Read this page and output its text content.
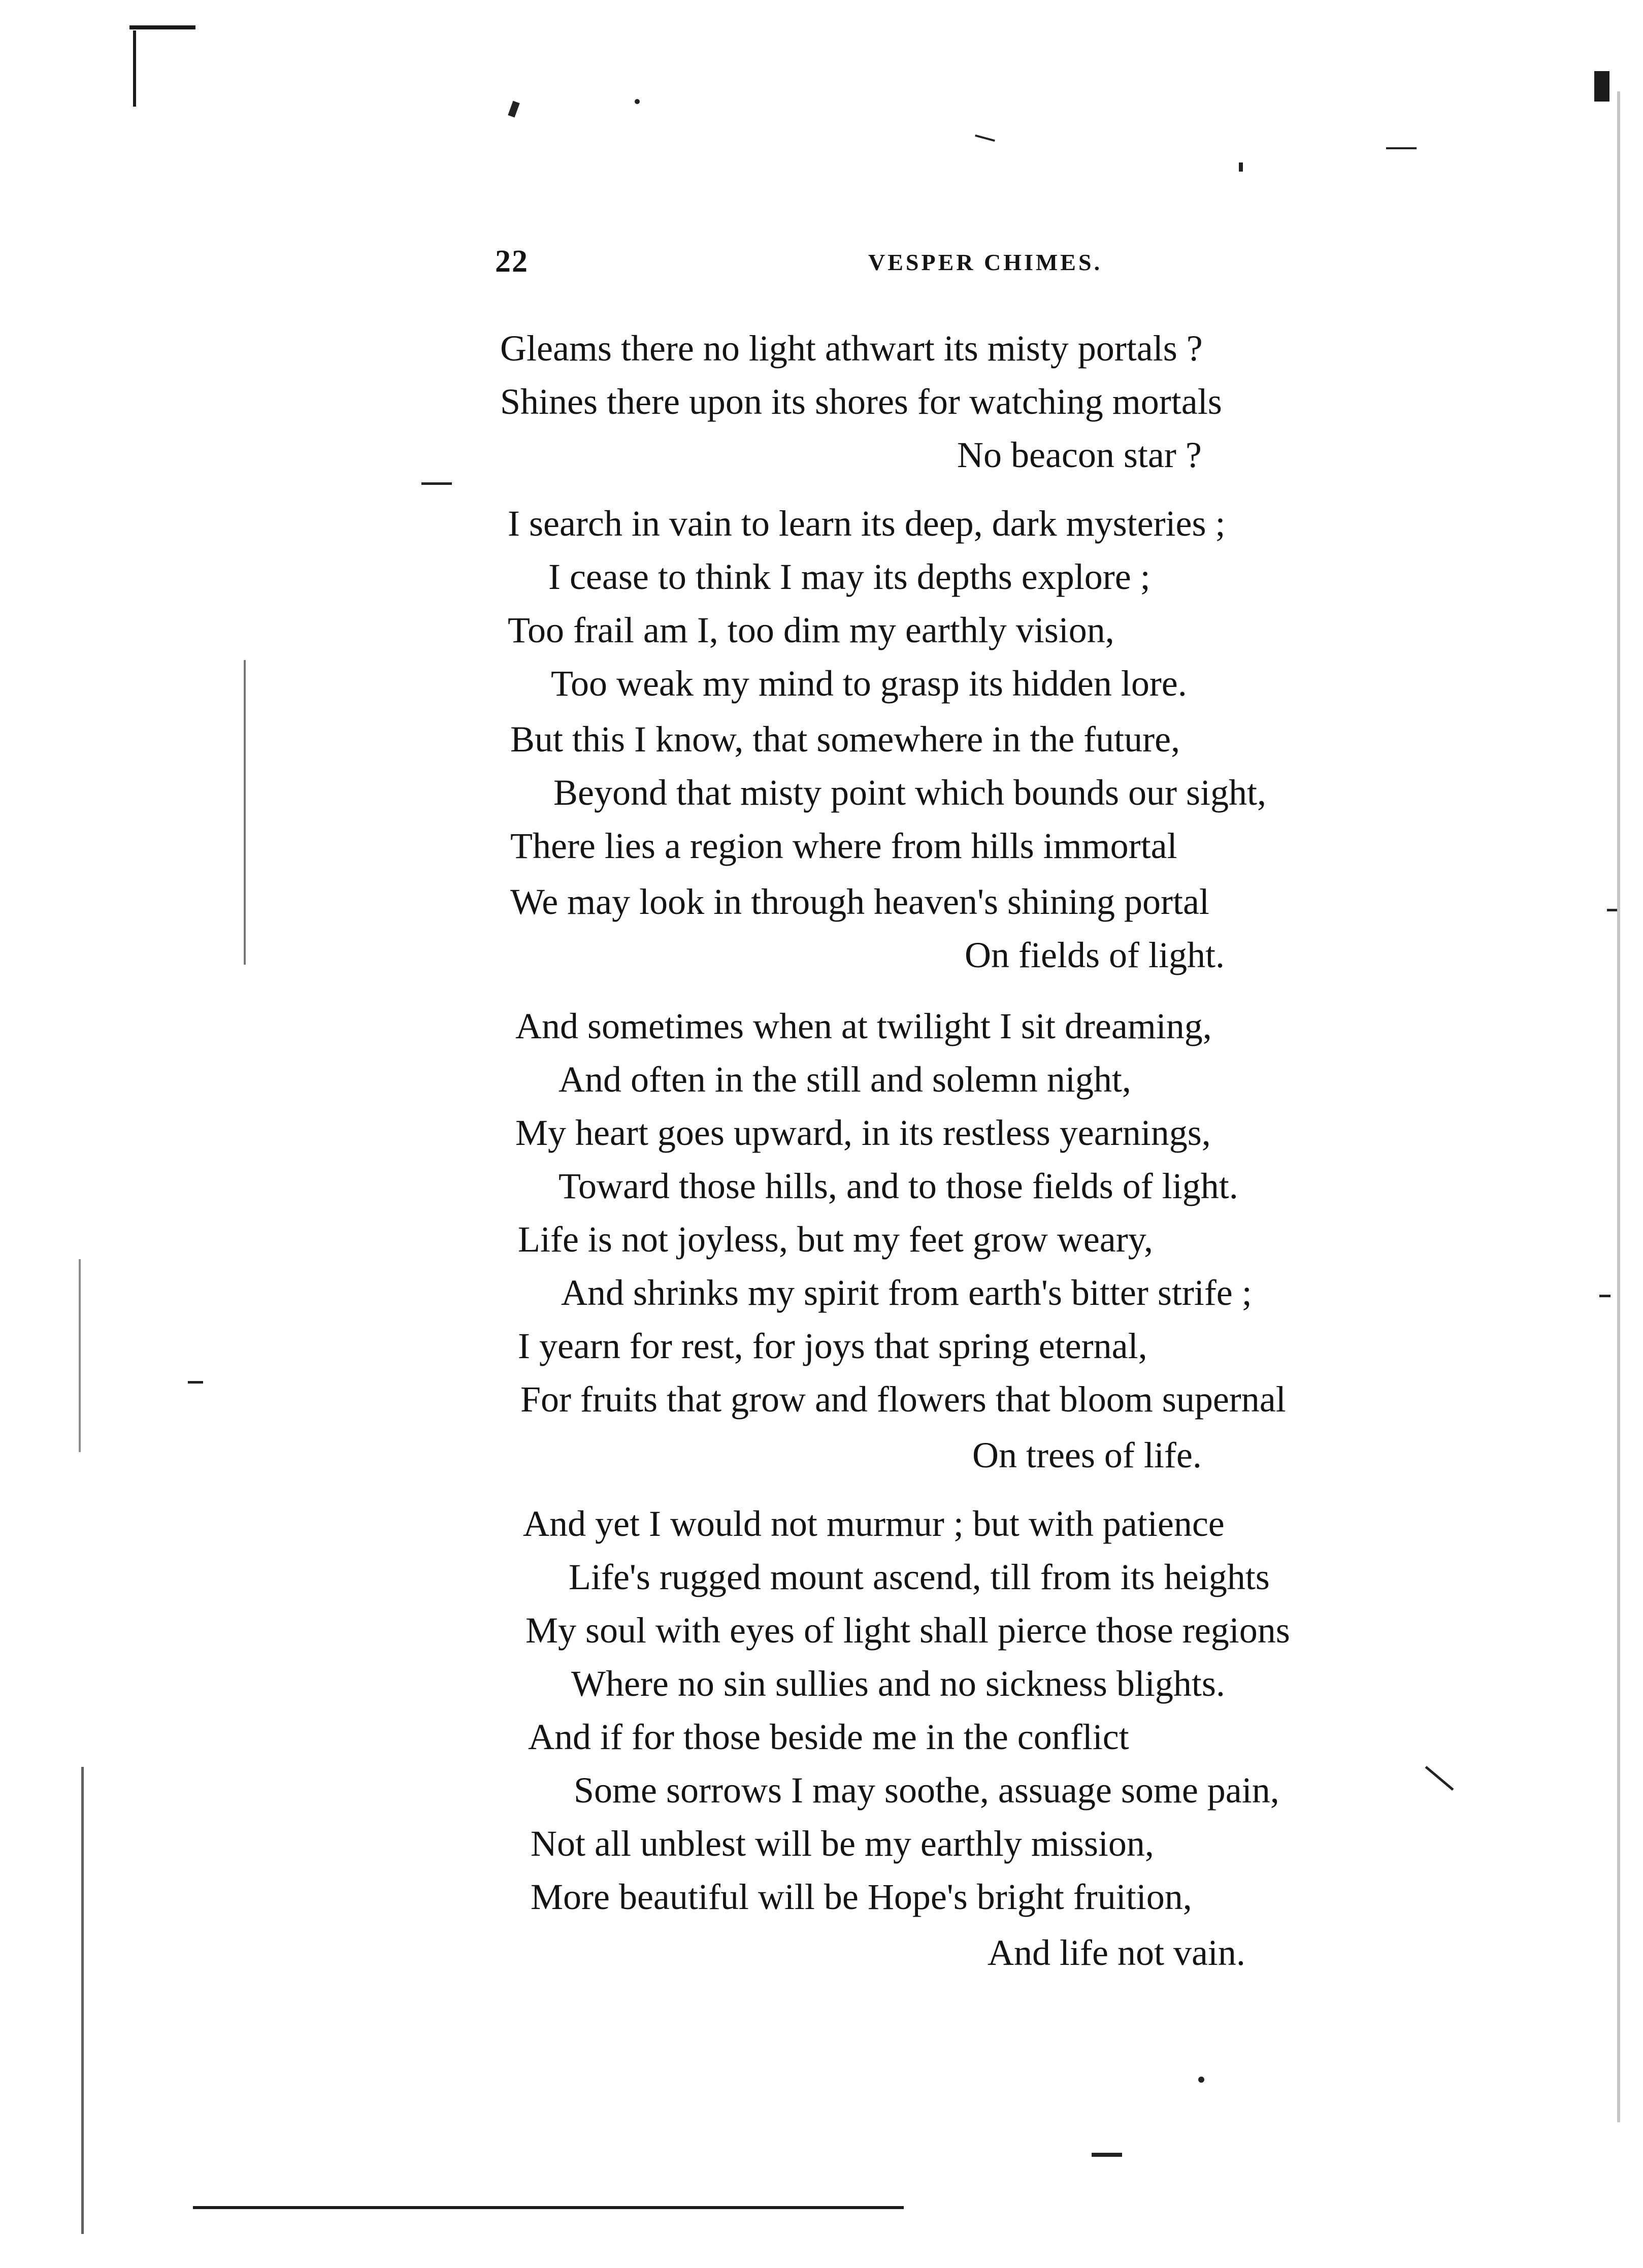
22	VESPER CHIMES.
Gleams there no light athwart its misty portals ?
Shines there upon its shores for watching mortals
No beacon star ?
I search in vain to learn its deep, dark mysteries ;
I cease to think I may its depths explore ;
Too frail am I, too dim my earthly vision,
Too weak my mind to grasp its hidden lore.
But this I know, that somewhere in the future,
Beyond that misty point which bounds our sight,
There lies a region where from hills immortal
We may look in through heaven's shining portal
On fields of light.
And sometimes when at twilight I sit dreaming,
And often in the still and solemn night,
My heart goes upward, in its restless yearnings,
Toward those hills, and to those fields of light.
Life is not joyless, but my feet grow weary,
And shrinks my spirit from earth's bitter strife ;
I yearn for rest, for joys that spring eternal,
For fruits that grow and flowers that bloom supernal
On trees of life.
And yet I would not murmur ; but with patience
Life's rugged mount ascend, till from its heights
My soul with eyes of light shall pierce those regions
Where no sin sullies and no sickness blights.
And if for those beside me in the conflict
Some sorrows I may soothe, assuage some pain,
Not all unblest will be my earthly mission,
More beautiful will be Hope's bright fruition,
And life not vain.
